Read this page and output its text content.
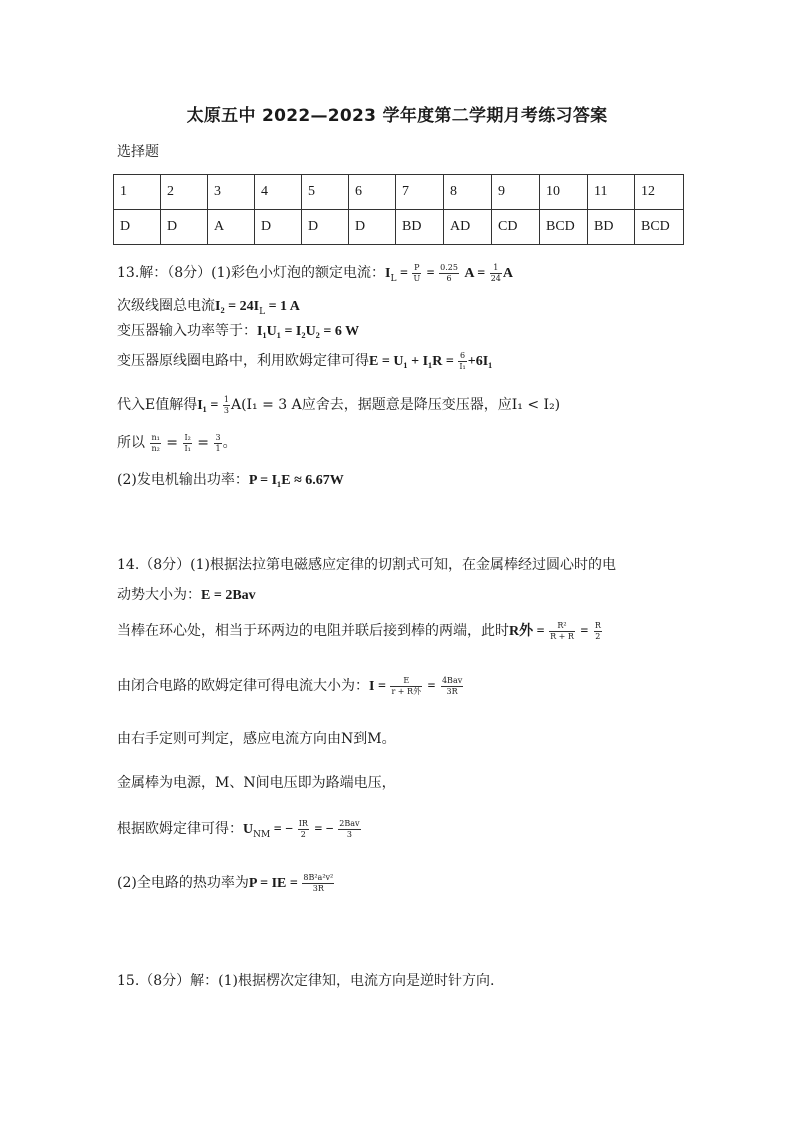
太原五中 2022—2023 学年度第二学期月考练习答案
选择题
1	2	3	4	5	6	7	8	9	10	11	12
D	D	A	D	D	D	BD	AD	CD	BCD	BD	BCD
13.解：（8分）(1)彩色小灯泡的额定电流：$I_L = \frac{P}{U} = \frac{0.25}{6}$ $A = \frac{1}{24}$ A
次级线圈总电流$I_2 = 24I_L = 1$ A
变压器输入功率等于：I₁U₁ = I₂U₂ = 6 W
变压器原线圈电路中，利用欧姆定律可得$E = U_1 + I_1R = \frac{6}{\text{I₁}} +6I_1$
代入E值解得$I_1 = \frac{1}{3} A(I_1 = 3$ A应舍去，据题意是降压变压器，应I₁ < I₂)
所以 $\frac{\text{n₁}}{\text{n₂}} = \frac{\text{I₂}}{\text{I₁}} = \frac{3}{1}$ 。
(2)发电机输出功率：P = I₁E ≈ 6.67W
14.（8分）(1)根据法拉第电磁感应定律的切割式可知，在金属棒经过圆心时的电
动势大小为：E = 2Bav
当棒在环心处，相当于环两边的电阻并联后接到棒的两端，此时R外 = $\frac{\text{R²}}{R + R} = \frac{R}{2}$
由闭合电路的欧姆定律可得电流大小为：$I = \frac{E}{\text{r + R外}} = \frac{\text{4Bav}}{3R}$
由右手定则可判定，感应电流方向由N到M。
金属棒为电源，M、N间电压即为路端电压，
根据欧姆定律可得：$U_{NM}$ = − $\frac{IR}{2}$ = − $\frac{\text{2Bav}}{3}$
(2)全电路的热功率为P = IE = $\frac{\text{8B²a²v²}}{3R}$
15.（8分）解：(1)根据楞次定律知，电流方向是逆时针方向.
